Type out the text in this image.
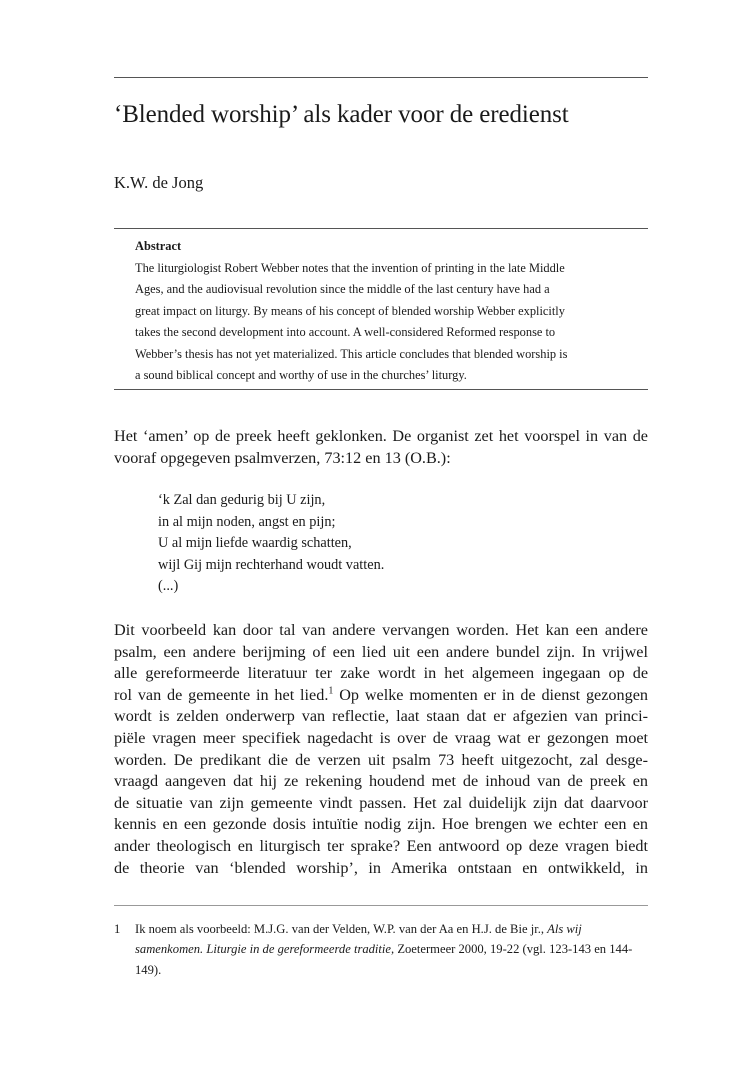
‘Blended worship’ als kader voor de eredienst
K.W. de Jong
Abstract
The liturgiologist Robert Webber notes that the invention of printing in the late Middle
Ages, and the audiovisual revolution since the middle of the last century have had a
great impact on liturgy. By means of his concept of blended worship Webber explicitly
takes the second development into account. A well-considered Reformed response to
Webber’s thesis has not yet materialized. This article concludes that blended worship is
a sound biblical concept and worthy of use in the churches’ liturgy.
Het ‘amen’ op de preek heeft geklonken. De organist zet het voorspel in van de
vooraf opgegeven psalmverzen, 73:12 en 13 (O.B.):
‘k Zal dan gedurig bij U zijn,
in al mijn noden, angst en pijn;
U al mijn liefde waardig schatten,
wijl Gij mijn rechterhand woudt vatten.
(...)
Dit voorbeeld kan door tal van andere vervangen worden. Het kan een andere
psalm, een andere berijming of een lied uit een andere bundel zijn. In vrijwel
alle gereformeerde literatuur ter zake wordt in het algemeen ingegaan op de
rol van de gemeente in het lied.$^1$ Op welke momenten er in de dienst gezongen
wordt is zelden onderwerp van reflectie, laat staan dat er afgezien van princi-
piële vragen meer specifiek nagedacht is over de vraag wat er gezongen moet
worden. De predikant die de verzen uit psalm 73 heeft uitgezocht, zal desge-
vraagd aangeven dat hij ze rekening houdend met de inhoud van de preek en
de situatie van zijn gemeente vindt passen. Het zal duidelijk zijn dat daarvoor
kennis en een gezonde dosis intuïtie nodig zijn. Hoe brengen we echter een en
ander theologisch en liturgisch ter sprake? Een antwoord op deze vragen biedt
de theorie van ‘blended worship’, in Amerika ontstaan en ontwikkeld, in
1 Ik noem als voorbeeld: M.J.G. van der Velden, W.P. van der Aa en H.J. de Bie jr., Als wij samenkomen. Liturgie in de gereformeerde traditie, Zoetermeer 2000, 19-22 (vgl. 123-143 en 144-149).
